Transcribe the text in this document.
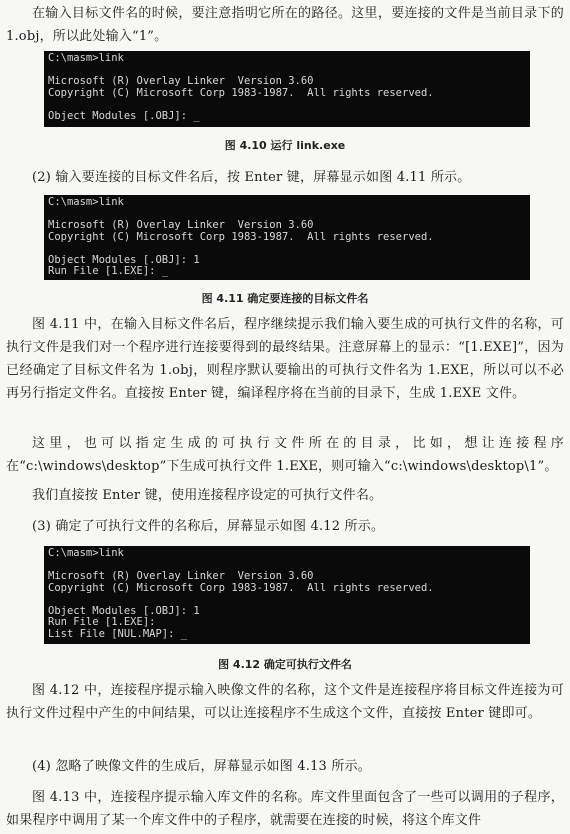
在输入目标文件名的时候，要注意指明它所在的路径。这里，要连接的文件是当前目录下的 1.obj，所以此处输入“1”。

C:\masm>link
Microsoft (R) Overlay Linker  Version 3.60
Copyright (C) Microsoft Corp 1983-1987.  All rights reserved.
Object Modules [.OBJ]: _
图 4.10 运行 link.exe

(2) 输入要连接的目标文件名后，按 Enter 键，屏幕显示如图 4.11 所示。

C:\masm>link
Microsoft (R) Overlay Linker  Version 3.60
Copyright (C) Microsoft Corp 1983-1987.  All rights reserved.
Object Modules [.OBJ]: 1
Run File [1.EXE]: _
图 4.11 确定要连接的目标文件名

图 4.11 中，在输入目标文件名后，程序继续提示我们输入要生成的可执行文件的名称，可执行文件是我们对一个程序进行连接要得到的最终结果。注意屏幕上的显示：“[1.EXE]”，因为已经确定了目标文件名为 1.obj，则程序默认要输出的可执行文件名为 1.EXE，所以可以不必再另行指定文件名。直接按 Enter 键，编译程序将在当前的目录下，生成 1.EXE 文件。

这里，也可以指定生成的可执行文件所在的目录，比如，想让连接程序在“c:\windows\desktop”下生成可执行文件 1.EXE，则可输入“c:\windows\desktop\1”。

我们直接按 Enter 键，使用连接程序设定的可执行文件名。

(3) 确定了可执行文件的名称后，屏幕显示如图 4.12 所示。

C:\masm>link
Microsoft (R) Overlay Linker  Version 3.60
Copyright (C) Microsoft Corp 1983-1987.  All rights reserved.
Object Modules [.OBJ]: 1
Run File [1.EXE]:
List File [NUL.MAP]: _
图 4.12 确定可执行文件名

图 4.12 中，连接程序提示输入映像文件的名称，这个文件是连接程序将目标文件连接为可执行文件过程中产生的中间结果，可以让连接程序不生成这个文件，直接按 Enter 键即可。

(4) 忽略了映像文件的生成后，屏幕显示如图 4.13 所示。

图 4.13 中，连接程序提示输入库文件的名称。库文件里面包含了一些可以调用的子程序，如果程序中调用了某一个库文件中的子程序，就需要在连接的时候，将这个库文件
